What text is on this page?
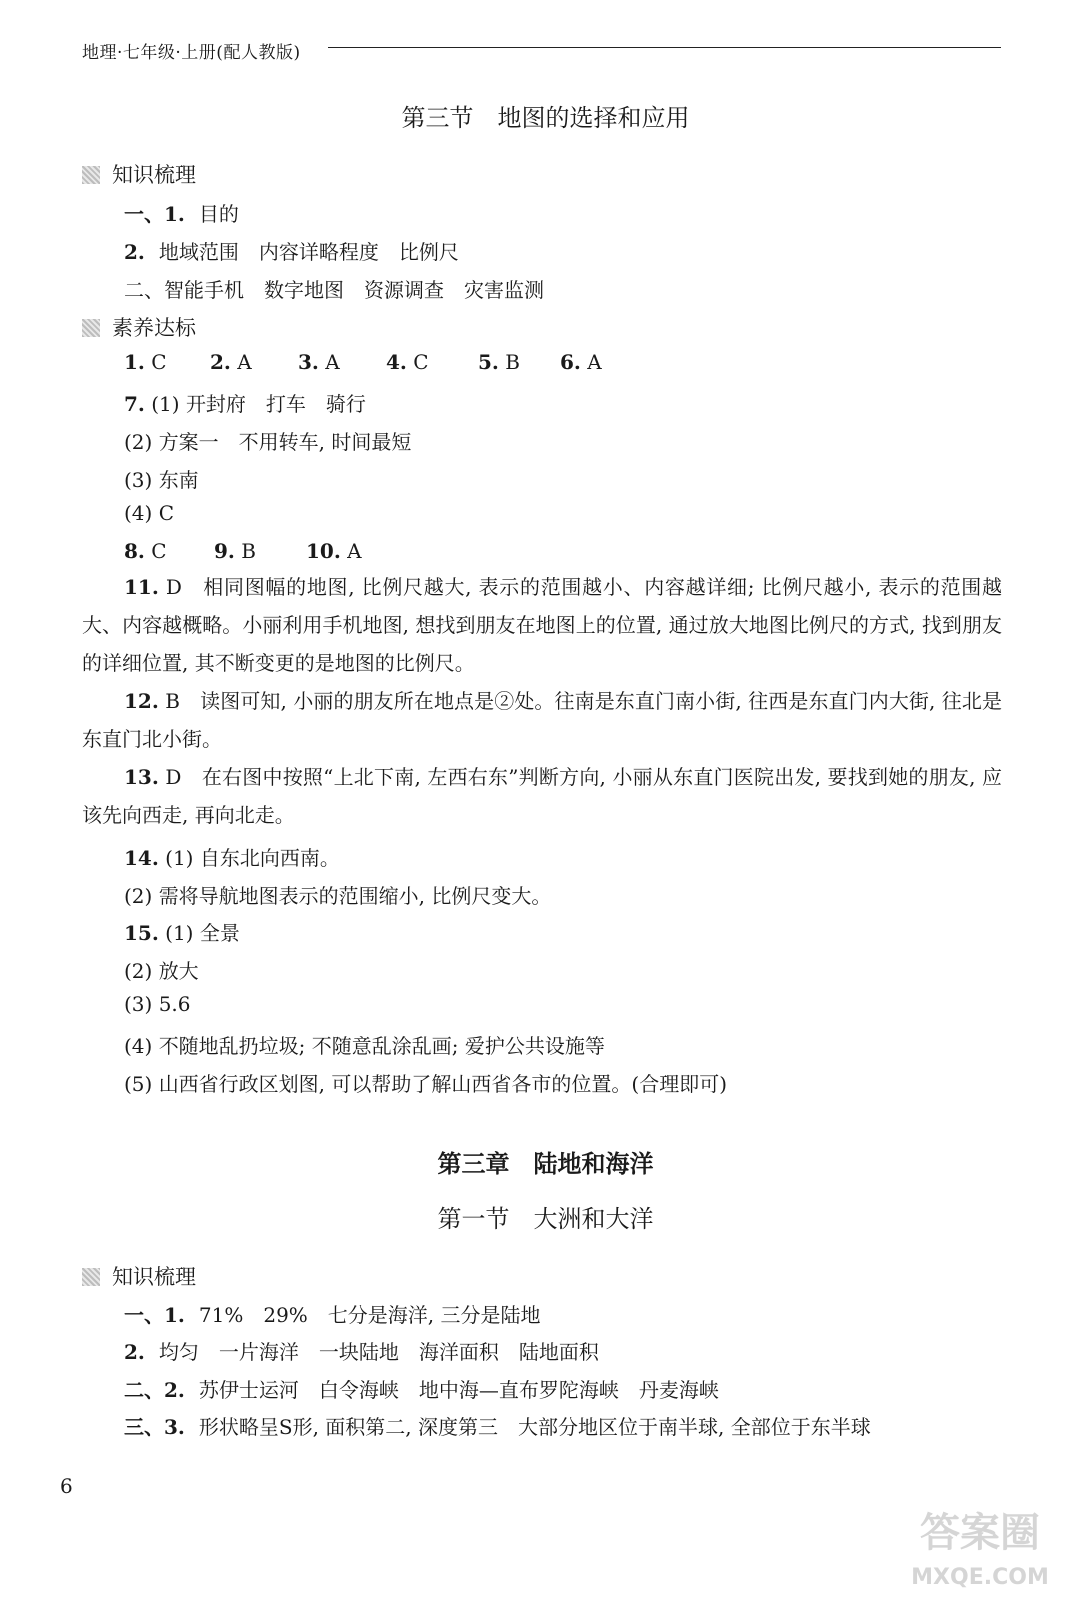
地理·七年级·上册(配人教版)
第三节　地图的选择和应用
知识梳理
一、1. 目的
2. 地域范围　内容详略程度　比例尺
二、智能手机　数字地图　资源调查　灾害监测
素养达标
1. C 2. A 3. A 4. C 5. B 6. A
7. (1) 开封府　打车　骑行
(2) 方案一　不用转车, 时间最短
(3) 东南
(4) C
8. C 9. B	10. A
11. D　相同图幅的地图, 比例尺越大, 表示的范围越小、内容越详细; 比例尺越小, 表示的范围越大、内容越概略。小丽利用手机地图, 想找到朋友在地图上的位置, 通过放大地图比例尺的方式, 找到朋友的详细位置, 其不断变更的是地图的比例尺。
12. B　读图可知, 小丽的朋友所在地点是②处。往南是东直门南小街, 往西是东直门内大街, 往北是东直门北小街。
13. D　在右图中按照“上北下南, 左西右东”判断方向, 小丽从东直门医院出发, 要找到她的朋友, 应该先向西走, 再向北走。
14. (1) 自东北向西南。
(2) 需将导航地图表示的范围缩小, 比例尺变大。
15. (1) 全景
(2) 放大
(3) 5.6
(4) 不随地乱扔垃圾; 不随意乱涂乱画; 爱护公共设施等
(5) 山西省行政区划图, 可以帮助了解山西省各市的位置。(合理即可)
第三章　陆地和海洋
第一节　大洲和大洋
知识梳理
一、1. 71%　29%　七分是海洋, 三分是陆地
2. 均匀　一片海洋　一块陆地　海洋面积　陆地面积
二、2. 苏伊士运河　白令海峡　地中海—直布罗陀海峡　丹麦海峡
三、3. 形状略呈S形, 面积第二, 深度第三　大部分地区位于南半球, 全部位于东半球
6
答案圈
MXQE.COM
